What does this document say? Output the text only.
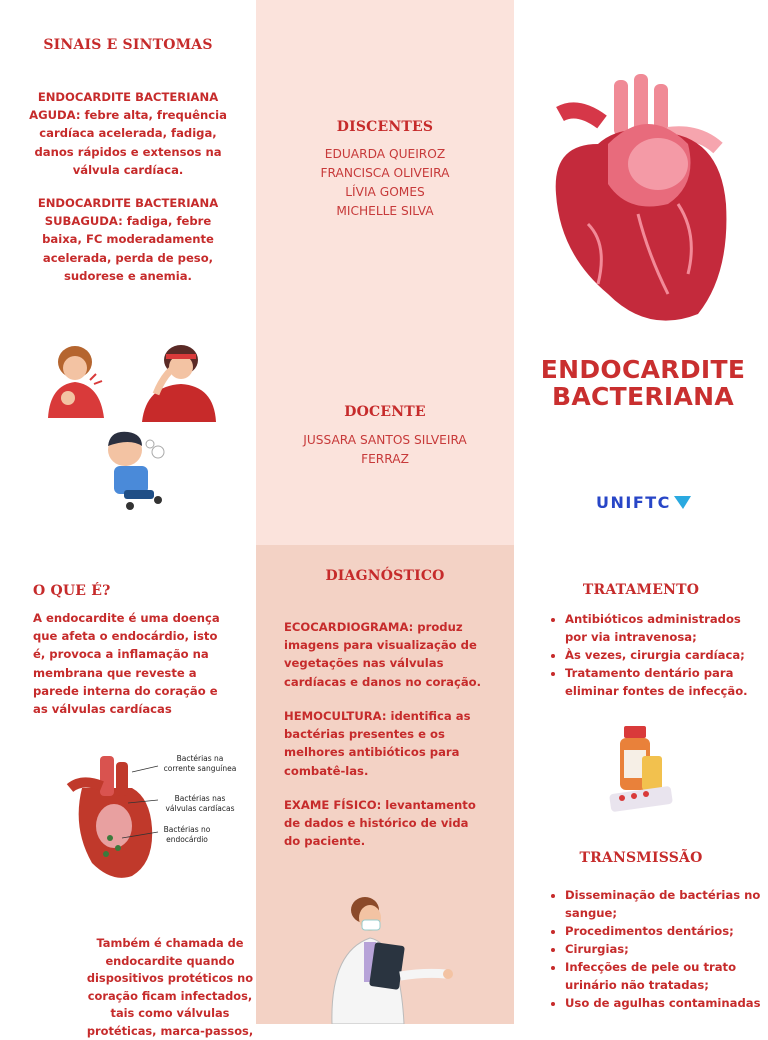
SINAIS E SINTOMAS
ENDOCARDITE BACTERIANA AGUDA: febre alta, frequência cardíaca acelerada, fadiga, danos rápidos e extensos na válvula cardíaca.
ENDOCARDITE BACTERIANA SUBAGUDA: fadiga, febre baixa, FC moderadamente acelerada, perda de peso, sudorese e anemia.
O QUE É?
A endocardite é uma doença que afeta o endocárdio, isto é, provoca a inflamação na membrana que reveste a parede interna do coração e as válvulas cardíacas
Bactérias na corrente sanguínea
Bactérias nas válvulas cardíacas
Bactérias no endocárdio
Também é chamada de endocardite quando dispositivos protéticos no coração ficam infectados, tais como válvulas protéticas, marca-passos,
DISCENTES
EDUARDA QUEIROZ
FRANCISCA OLIVEIRA
LÍVIA GOMES
MICHELLE SILVA
DOCENTE
JUSSARA SANTOS SILVEIRA
FERRAZ
DIAGNÓSTICO
ECOCARDIOGRAMA: produz imagens para visualização de vegetações nas válvulas cardíacas e danos no coração.
HEMOCULTURA: identifica as bactérias presentes e os melhores antibióticos para combatê-las.
EXAME FÍSICO: levantamento de dados e histórico de vida do paciente.
ENDOCARDITE
BACTERIANA
UNIFTC
TRATAMENTO
• Antibióticos administrados por via intravenosa;
• Às vezes, cirurgia cardíaca;
• Tratamento dentário para eliminar fontes de infecção.
TRANSMISSÃO
• Disseminação de bactérias no sangue;
• Procedimentos dentários;
• Cirurgias;
• Infecções de pele ou trato urinário não tratadas;
• Uso de agulhas contaminadas
